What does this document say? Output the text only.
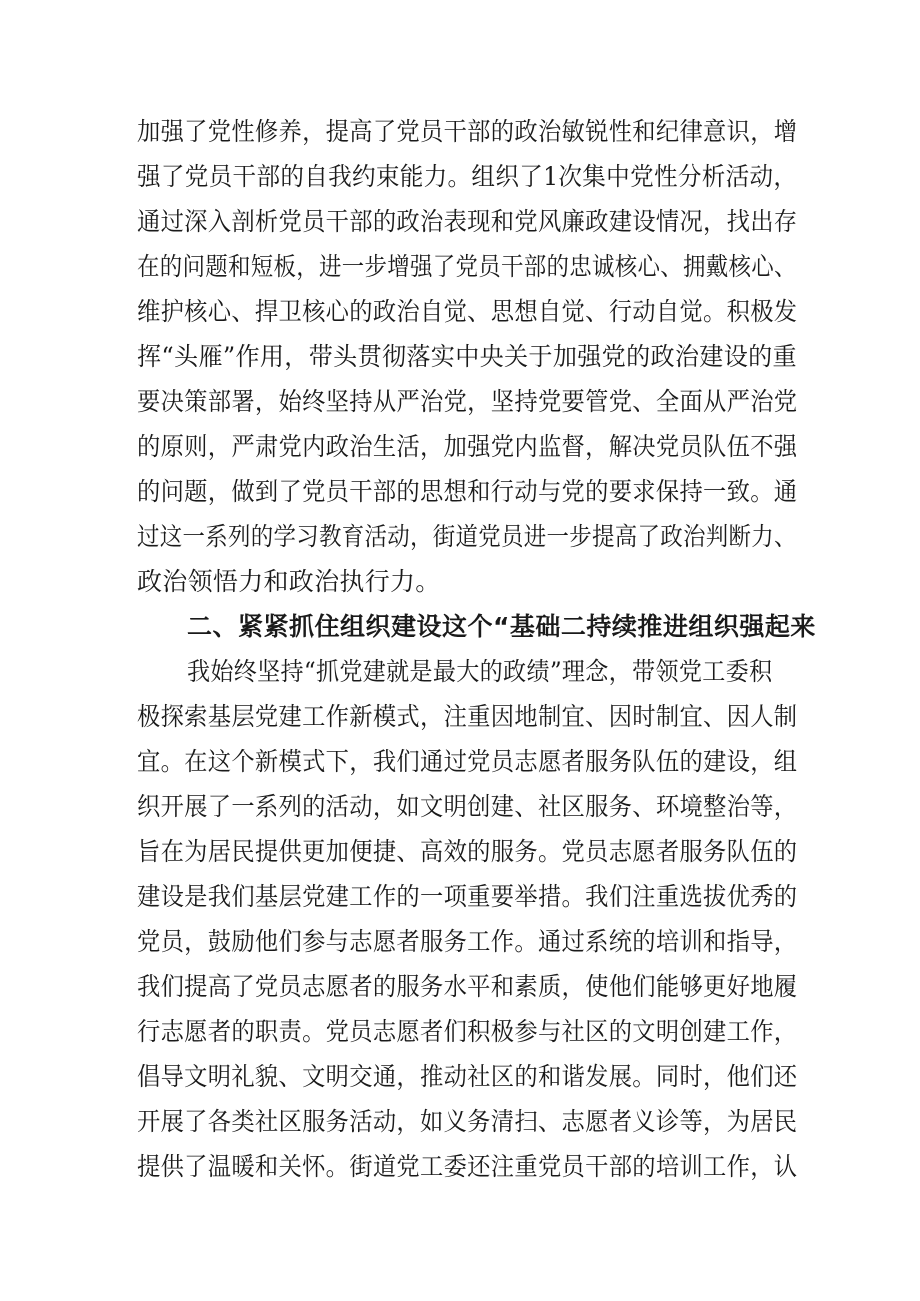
加强了党性修养，提高了党员干部的政治敏锐性和纪律意识，增
强了党员干部的自我约束能力。组织了1次集中党性分析活动，
通过深入剖析党员干部的政治表现和党风廉政建设情况，找出存
在的问题和短板，进一步增强了党员干部的忠诚核心、拥戴核心、
维护核心、捍卫核心的政治自觉、思想自觉、行动自觉。积极发
挥“头雁”作用，带头贯彻落实中央关于加强党的政治建设的重
要决策部署，始终坚持从严治党，坚持党要管党、全面从严治党
的原则，严肃党内政治生活，加强党内监督，解决党员队伍不强
的问题，做到了党员干部的思想和行动与党的要求保持一致。通
过这一系列的学习教育活动，街道党员进一步提高了政治判断力、
政治领悟力和政治执行力。
二、紧紧抓住组织建设这个“基础二持续推进组织强起来
我始终坚持“抓党建就是最大的政绩”理念，带领党工委积
极探索基层党建工作新模式，注重因地制宜、因时制宜、因人制
宜。在这个新模式下，我们通过党员志愿者服务队伍的建设，组
织开展了一系列的活动，如文明创建、社区服务、环境整治等，
旨在为居民提供更加便捷、高效的服务。党员志愿者服务队伍的
建设是我们基层党建工作的一项重要举措。我们注重选拔优秀的
党员，鼓励他们参与志愿者服务工作。通过系统的培训和指导，
我们提高了党员志愿者的服务水平和素质，使他们能够更好地履
行志愿者的职责。党员志愿者们积极参与社区的文明创建工作，
倡导文明礼貌、文明交通，推动社区的和谐发展。同时，他们还
开展了各类社区服务活动，如义务清扫、志愿者义诊等，为居民
提供了温暖和关怀。街道党工委还注重党员干部的培训工作，认
